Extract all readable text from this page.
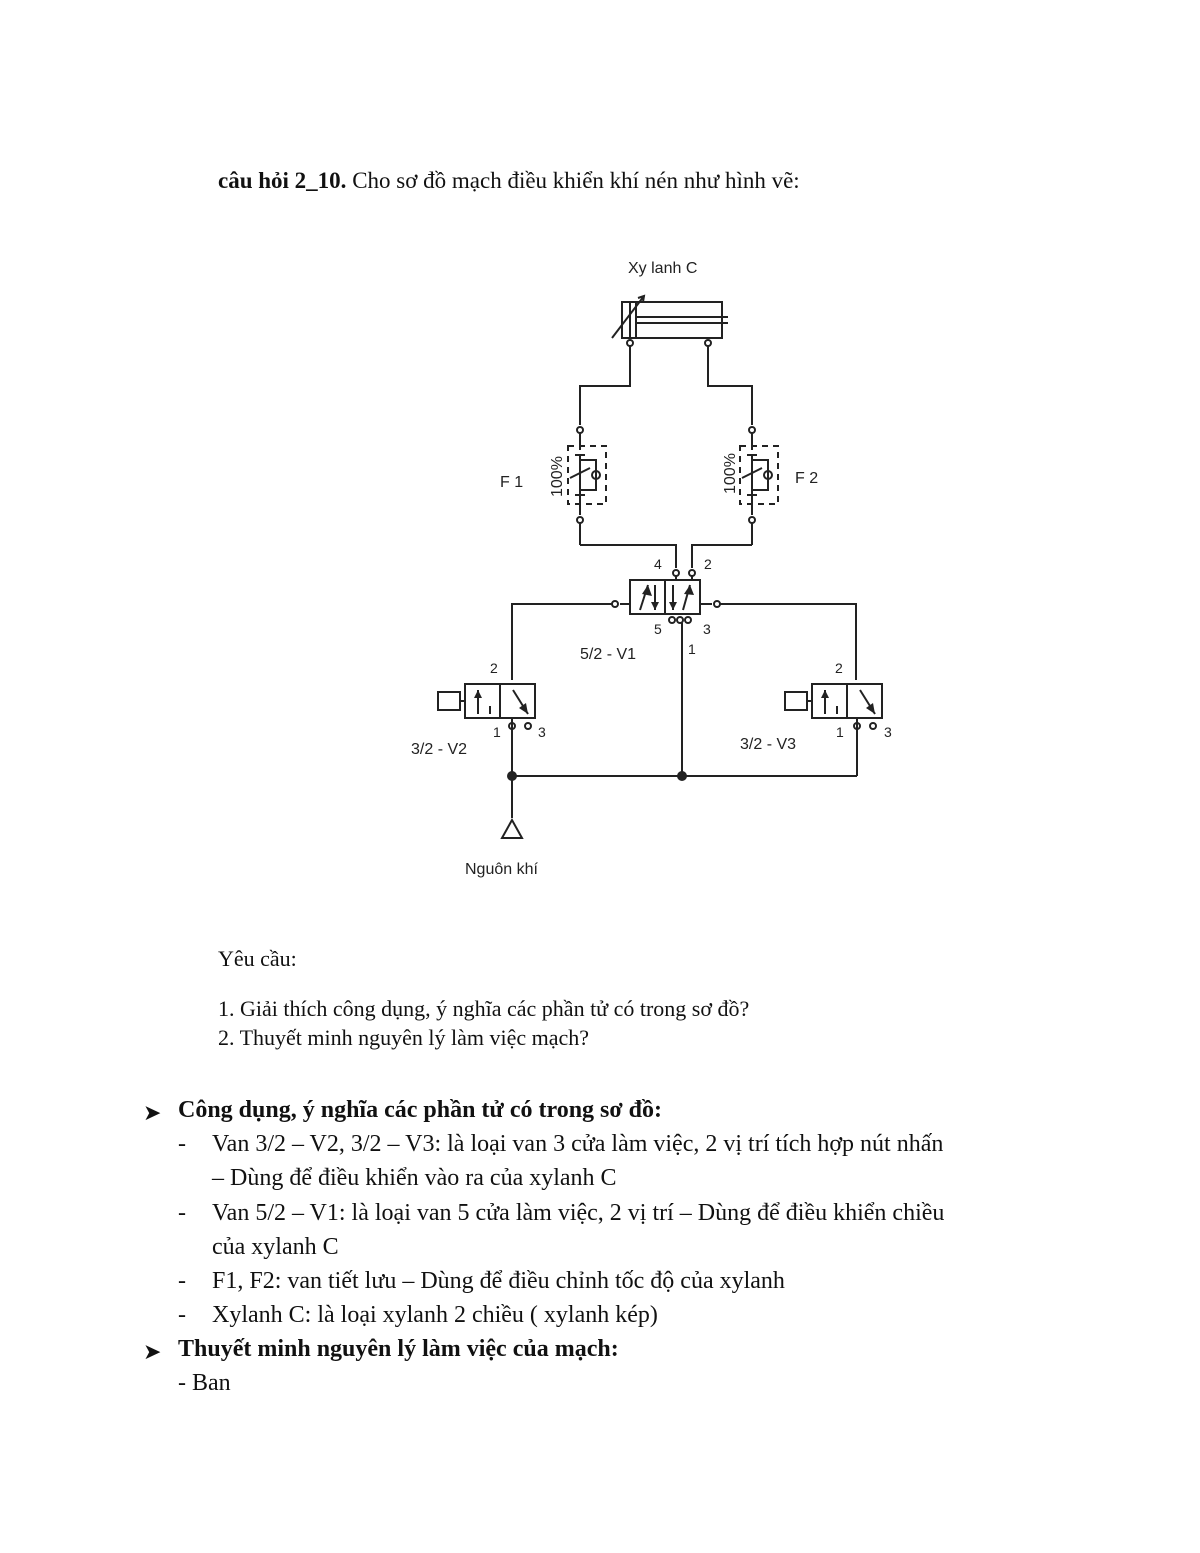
câu hỏi 2_10. Cho sơ đồ mạch điều khiển khí nén như hình vẽ:
Xy lanh C
F 1	F 2
100%	100%
4	2
5	3
1
5/2 - V1
2
1	3
3/2 - V2
2
1	3
3/2 - V3
Nguôn khí
Yêu cầu:
1. Giải thích công dụng, ý nghĩa các phần tử có trong sơ đồ?
2. Thuyết minh nguyên lý làm việc mạch?
➤ Công dụng, ý nghĩa các phần tử có trong sơ đồ:
- Van 3/2 – V2, 3/2 – V3: là loại van 3 cửa làm việc, 2 vị trí tích hợp nút nhấn
– Dùng để điều khiển vào ra của xylanh C
- Van 5/2 – V1: là loại van 5 cửa làm việc, 2 vị trí – Dùng để điều khiển chiều
của xylanh C
- F1, F2: van tiết lưu – Dùng để điều chỉnh tốc độ của xylanh
- Xylanh C: là loại xylanh 2 chiều ( xylanh kép)
➤ Thuyết minh nguyên lý làm việc của mạch:
- Ban
